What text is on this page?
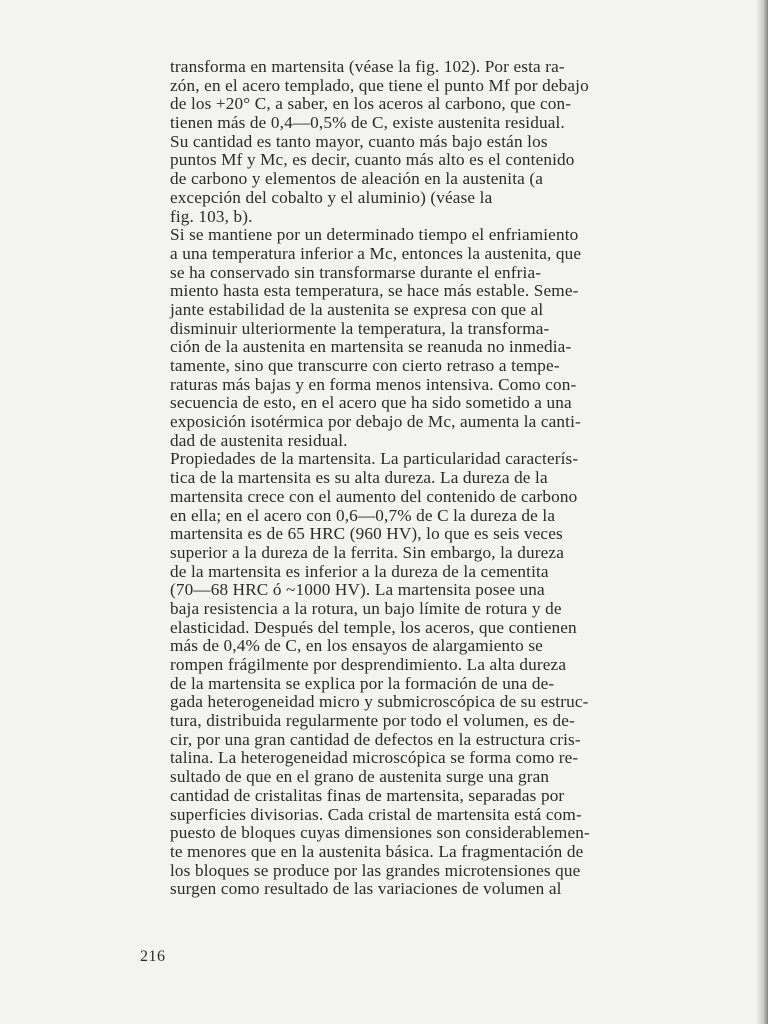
transforma en martensita (véase la fig. 102). Por esta ra-
zón, en el acero templado, que tiene el punto Mf por debajo
de los +20° C, a saber, en los aceros al carbono, que con-
tienen más de 0,4—0,5% de C, existe austenita residual.
Su cantidad es tanto mayor, cuanto más bajo están los
puntos Mf y Mc, es decir, cuanto más alto es el contenido
de carbono y elementos de aleación en la austenita (a
excepción del cobalto y el aluminio) (véase la
fig. 103, b).
Si se mantiene por un determinado tiempo el enfriamiento
a una temperatura inferior a Mc, entonces la austenita, que
se ha conservado sin transformarse durante el enfria-
miento hasta esta temperatura, se hace más estable. Seme-
jante estabilidad de la austenita se expresa con que al
disminuir ulteriormente la temperatura, la transforma-
ción de la austenita en martensita se reanuda no inmedia-
tamente, sino que transcurre con cierto retraso a tempe-
raturas más bajas y en forma menos intensiva. Como con-
secuencia de esto, en el acero que ha sido sometido a una
exposición isotérmica por debajo de Mc, aumenta la canti-
dad de austenita residual.
Propiedades de la martensita. La particularidad caracterís-
tica de la martensita es su alta dureza. La dureza de la
martensita crece con el aumento del contenido de carbono
en ella; en el acero con 0,6—0,7% de C la dureza de la
martensita es de 65 HRC (960 HV), lo que es seis veces
superior a la dureza de la ferrita. Sin embargo, la dureza
de la martensita es inferior a la dureza de la cementita
(70—68 HRC ó ~1000 HV). La martensita posee una
baja resistencia a la rotura, un bajo límite de rotura y de
elasticidad. Después del temple, los aceros, que contienen
más de 0,4% de C, en los ensayos de alargamiento se
rompen frágilmente por desprendimiento. La alta dureza
de la martensita se explica por la formación de una de-
gada heterogeneidad micro y submicroscópica de su estruc-
tura, distribuida regularmente por todo el volumen, es de-
cir, por una gran cantidad de defectos en la estructura cris-
talina. La heterogeneidad microscópica se forma como re-
sultado de que en el grano de austenita surge una gran
cantidad de cristalitas finas de martensita, separadas por
superficies divisorias. Cada cristal de martensita está com-
puesto de bloques cuyas dimensiones son considerablemen-
te menores que en la austenita básica. La fragmentación de
los bloques se produce por las grandes microtensiones que
surgen como resultado de las variaciones de volumen al
216
